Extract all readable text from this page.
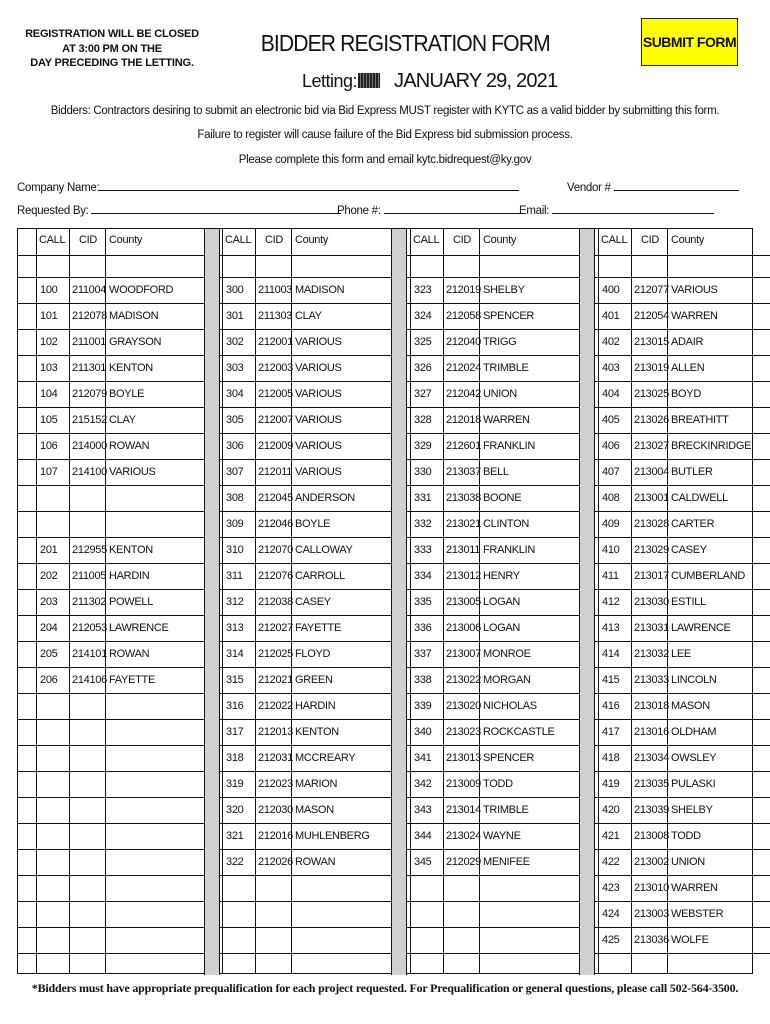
REGISTRATION WILL BE CLOSED
AT 3:00 PM ON THE
DAY PRECEDING THE LETTING.
BIDDER REGISTRATION FORM
Letting: JANUARY 29, 2021
SUBMIT FORM
Bidders: Contractors desiring to submit an electronic bid via Bid Express MUST register with KYTC as a valid bidder by submitting this form.
Failure to register will cause failure of the Bid Express bid submission process.
Please complete this form and email kytc.bidrequest@ky.gov
Company Name:	Vendor #
Requested By:	Phone #:	Email:
CALL CID County
100 211004 WOODFORD
101 212078 MADISON
102 211001 GRAYSON
103 211301 KENTON
104 212079 BOYLE
105 215152 CLAY
106 214000 ROWAN
107 214100 VARIOUS
201 212955 KENTON
202 211005 HARDIN
203 211302 POWELL
204 212053 LAWRENCE
205 214101 ROWAN
206 214106 FAYETTE
CALL CID County
300 211003 MADISON
301 211303 CLAY
302 212001 VARIOUS
303 212003 VARIOUS
304 212005 VARIOUS
305 212007 VARIOUS
306 212009 VARIOUS
307 212011 VARIOUS
308 212045 ANDERSON
309 212046 BOYLE
310 212070 CALLOWAY
311 212076 CARROLL
312 212038 CASEY
313 212027 FAYETTE
314 212025 FLOYD
315 212021 GREEN
316 212022 HARDIN
317 212013 KENTON
318 212031 MCCREARY
319 212023 MARION
320 212030 MASON
321 212016 MUHLENBERG
322 212026 ROWAN
CALL CID County
323 212019 SHELBY
324 212058 SPENCER
325 212040 TRIGG
326 212024 TRIMBLE
327 212042 UNION
328 212018 WARREN
329 212601 FRANKLIN
330 213037 BELL
331 213038 BOONE
332 213021 CLINTON
333 213011 FRANKLIN
334 213012 HENRY
335 213005 LOGAN
336 213006 LOGAN
337 213007 MONROE
338 213022 MORGAN
339 213020 NICHOLAS
340 213023 ROCKCASTLE
341 213013 SPENCER
342 213009 TODD
343 213014 TRIMBLE
344 213024 WAYNE
345 212029 MENIFEE
CALL CID County
400 212077 VARIOUS
401 212054 WARREN
402 213015 ADAIR
403 213019 ALLEN
404 213025 BOYD
405 213026 BREATHITT
406 213027 BRECKINRIDGE
407 213004 BUTLER
408 213001 CALDWELL
409 213028 CARTER
410 213029 CASEY
411 213017 CUMBERLAND
412 213030 ESTILL
413 213031 LAWRENCE
414 213032 LEE
415 213033 LINCOLN
416 213018 MASON
417 213016 OLDHAM
418 213034 OWSLEY
419 213035 PULASKI
420 213039 SHELBY
421 213008 TODD
422 213002 UNION
423 213010 WARREN
424 213003 WEBSTER
425 213036 WOLFE
*Bidders must have appropriate prequalification for each project requested. For Prequalification or general questions, please call 502-564-3500.
